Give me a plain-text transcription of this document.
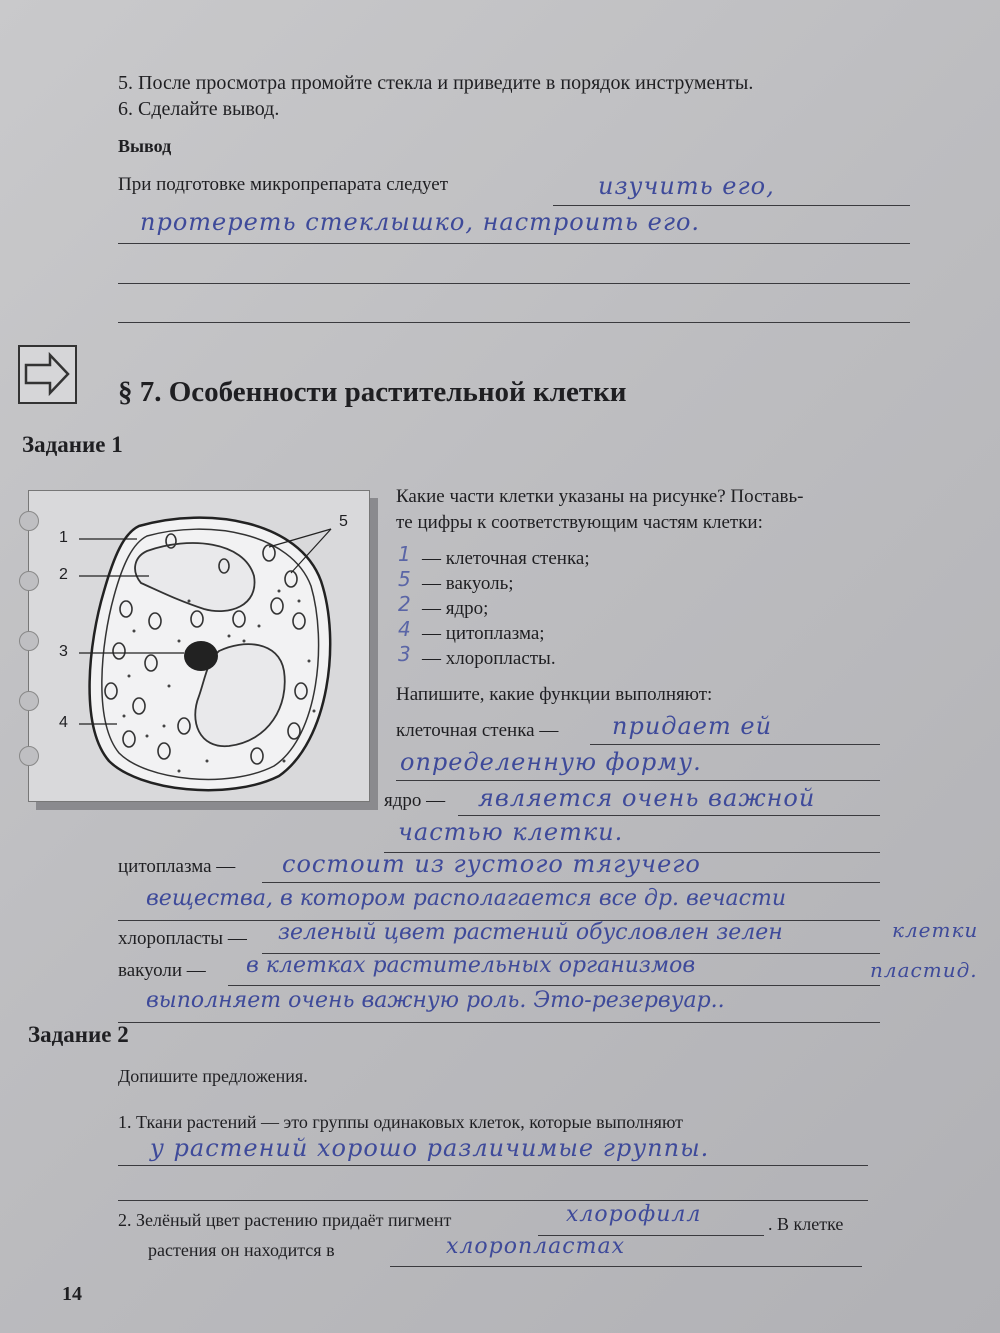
5. После просмотра промойте стекла и приведите в порядок инструменты.
6. Сделайте вывод.
Вывод
При подготовке микропрепарата следует	изучить его,
протереть стеклышко, настроить его.
§ 7. Особенности растительной клетки
Задание 1
1
2
3
4
5
Какие части клетки указаны на рисунке? Поставь-
те цифры к соответствующим частям клетки:
1 — клеточная стенка;
5 — вакуоль;
2 — ядро;
4 — цитоплазма;
3 — хлоропласты.
Напишите, какие функции выполняют:
клеточная стенка — придает ей
определенную форму.
ядро — является очень важной
частью клетки.
цитоплазма — состоит из густого тягучего
вещества, в котором располагается все др. вечасти
клетки
хлоропласты — зеленый цвет растений обусловлен зелен
пластид.
вакуоли — в клетках растительных организмов
выполняет очень важную роль. Это-резервуар..
Задание 2
Допишите предложения.
1. Ткани растений — это группы одинаковых клеток, которые выполняют
у растений хорошо различимые группы.
2. Зелёный цвет растению придаёт пигмент	хлорофилл	. В клетке
растения он находится в	хлоропластах
14
